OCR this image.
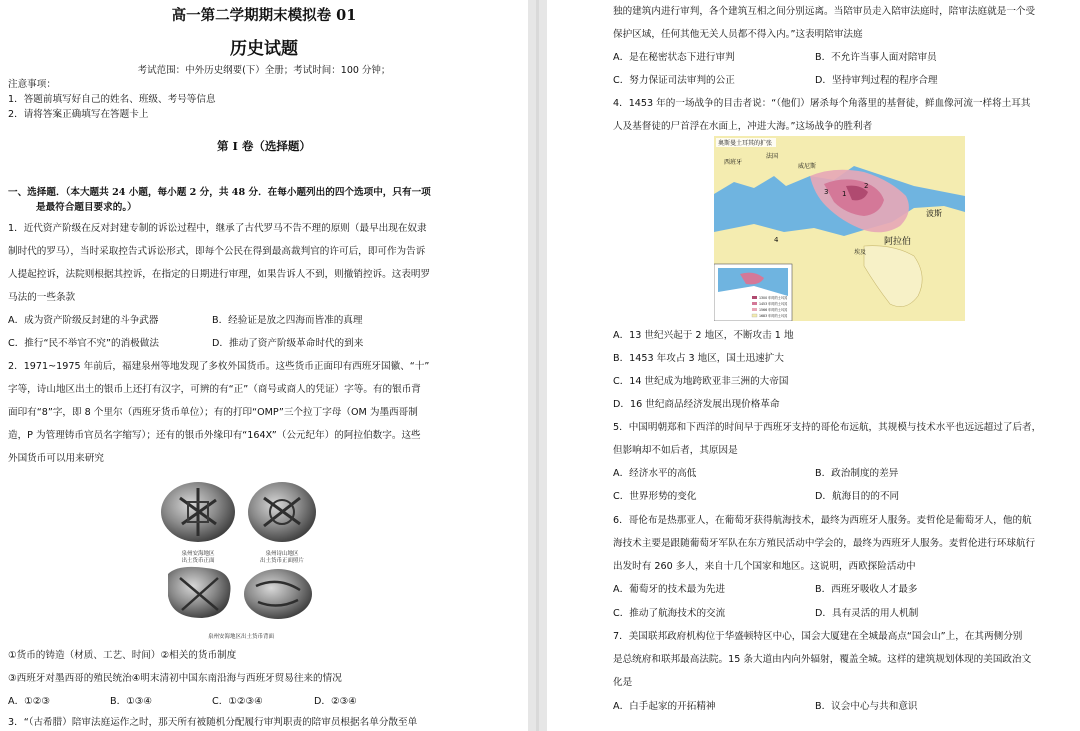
高一第二学期期末模拟卷 01
历史试题
考试范围：中外历史纲要(下）全册；考试时间：100 分钟；
注意事项：
1．答题前填写好自己的姓名、班级、考号等信息
2．请将答案正确填写在答题卡上
第 I 卷（选择题）
一、选择题．（本大题共 24 小题，每小题 2 分，共 48 分．在每小题列出的四个选项中，只有一项
是最符合题目要求的。）
1．近代资产阶级在反对封建专制的诉讼过程中，继承了古代罗马不告不理的原则（最早出现在奴隶
制时代的罗马），当时采取控告式诉讼形式，即每个公民在得到最高裁判官的许可后，即可作为告诉
人提起控诉，法院则根据其控诉，在指定的日期进行审理，如果告诉人不到，则撤销控诉。这表明罗
马法的一些条款
A．成为资产阶级反封建的斗争武器	B．经验证是放之四海而皆准的真理
C．推行“民不举官不究”的消极做法	D．推动了资产阶级革命时代的到来
2．1971~1975 年前后，福建泉州等地发现了多枚外国货币。这些货币正面印有西班牙国徽、“十”
字等，诗山地区出土的银币上还打有汉字，可辨的有“正”（商号或商人的凭证）字等。有的银币背
面印有“8”字，即 8 个里尔（西班牙货币单位）；有的打印“OMP”三个拉丁字母（OM 为墨西哥制
造，P 为管理铸币官员名字缩写）；还有的银币外缘印有“164X”（公元纪年）的阿拉伯数字。这些
外国货币可以用来研究
泉州安海地区
出土货币正面
泉州诗山地区
出土货币正面照片
泉州安海地区出土货币背面
①货币的铸造（材质、工艺、时间）②相关的货币制度
③西班牙对墨西哥的殖民统治④明末清初中国东南沿海与西班牙贸易往来的情况
A．①②③	B．①③④	C．①②③④	D．②③④
3．“（古希腊）陪审法庭运作之时，那天所有被随机分配履行审判职责的陪审员根据名单分散至单
独的建筑内进行审判，各个建筑互相之间分别远离。当陪审员走入陪审法庭时，陪审法庭就是一个受
保护区域，任何其他无关人员都不得入内。”这表明陪审法庭
A．是在秘密状态下进行审判	B．不允许当事人面对陪审员
C．努力保证司法审判的公正	D．坚持审判过程的程序合理
4．1453 年的一场战争的目击者说：“（他们）屠杀每个角落里的基督徒，鲜血像河流一样将土耳其
人及基督徒的尸首浮在水面上，冲进大海。”这场战争的胜利者
奥斯曼土耳其的扩张
西班牙
法国
威尼斯
波斯
阿拉伯
埃及
1
2
3
4
1300 年时的土耳其
1453 年时的土耳其
1566 年时的土耳其
1683 年时的土耳其
A．13 世纪兴起于 2 地区，不断攻击 1 地
B．1453 年攻占 3 地区，国土迅速扩大
C．14 世纪成为地跨欧亚非三洲的大帝国
D．16 世纪商品经济发展出现价格革命
5．中国明朝郑和下西洋的时间早于西班牙支持的哥伦布远航，其规模与技术水平也远远超过了后者，
但影响却不如后者，其原因是
A．经济水平的高低	B．政治制度的差异
C．世界形势的变化	D．航海目的的不同
6．哥伦布是热那亚人，在葡萄牙获得航海技术，最终为西班牙人服务。麦哲伦是葡萄牙人，他的航
海技术主要是跟随葡萄牙军队在东方殖民活动中学会的，最终为西班牙人服务。麦哲伦进行环球航行
出发时有 260 多人，来自十几个国家和地区。这说明，西欧探险活动中
A．葡萄牙的技术最为先进	B．西班牙吸收人才最多
C．推动了航海技术的交流	D．具有灵活的用人机制
7．美国联邦政府机构位于华盛顿特区中心，国会大厦建在全城最高点“国会山”上，在其两侧分别
是总统府和联邦最高法院。15 条大道由内向外辐射，覆盖全城。这样的建筑规划体现的美国政治文
化是
A．白手起家的开拓精神	B．议会中心与共和意识
